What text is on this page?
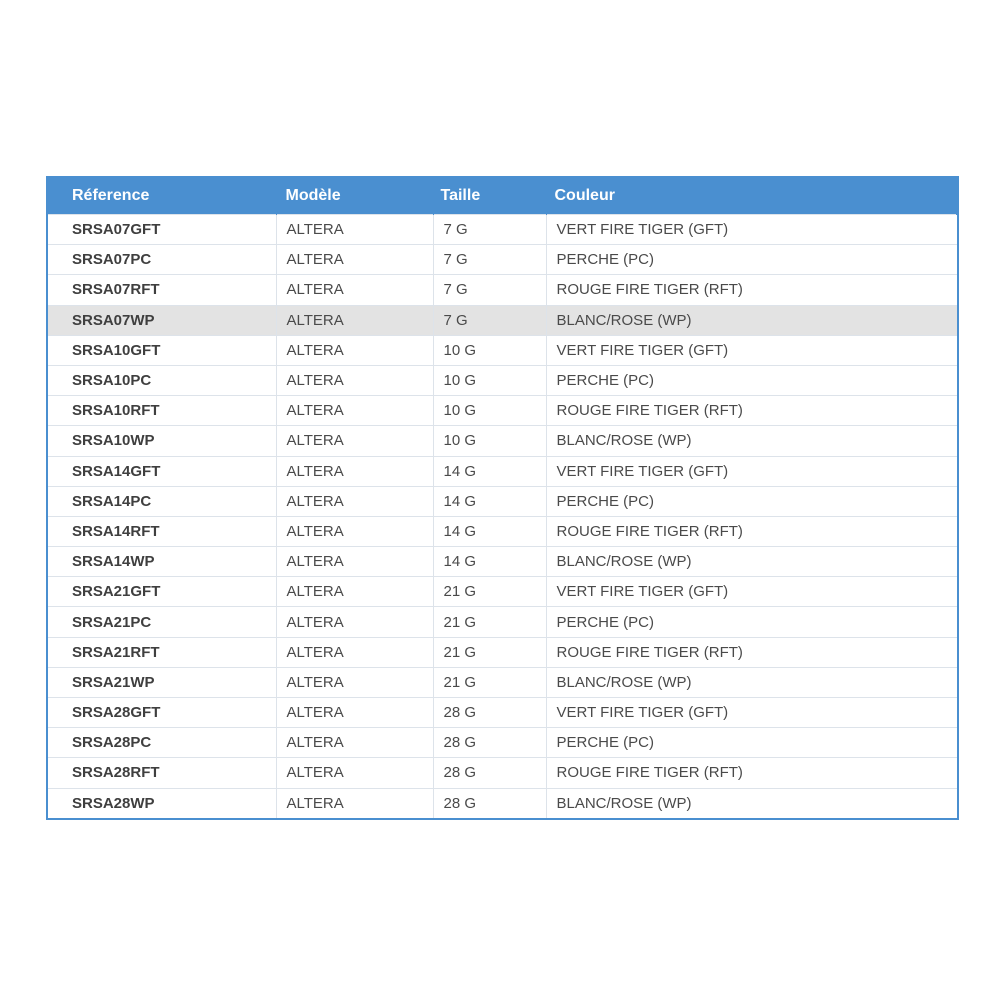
Réference	Modèle	Taille	Couleur
SRSA07GFT	ALTERA	7 G	VERT FIRE TIGER (GFT)
SRSA07PC	ALTERA	7 G	PERCHE (PC)
SRSA07RFT	ALTERA	7 G	ROUGE FIRE TIGER (RFT)
SRSA07WP	ALTERA	7 G	BLANC/ROSE (WP)
SRSA10GFT	ALTERA	10 G	VERT FIRE TIGER (GFT)
SRSA10PC	ALTERA	10 G	PERCHE (PC)
SRSA10RFT	ALTERA	10 G	ROUGE FIRE TIGER (RFT)
SRSA10WP	ALTERA	10 G	BLANC/ROSE (WP)
SRSA14GFT	ALTERA	14 G	VERT FIRE TIGER (GFT)
SRSA14PC	ALTERA	14 G	PERCHE (PC)
SRSA14RFT	ALTERA	14 G	ROUGE FIRE TIGER (RFT)
SRSA14WP	ALTERA	14 G	BLANC/ROSE (WP)
SRSA21GFT	ALTERA	21 G	VERT FIRE TIGER (GFT)
SRSA21PC	ALTERA	21 G	PERCHE (PC)
SRSA21RFT	ALTERA	21 G	ROUGE FIRE TIGER (RFT)
SRSA21WP	ALTERA	21 G	BLANC/ROSE (WP)
SRSA28GFT	ALTERA	28 G	VERT FIRE TIGER (GFT)
SRSA28PC	ALTERA	28 G	PERCHE (PC)
SRSA28RFT	ALTERA	28 G	ROUGE FIRE TIGER (RFT)
SRSA28WP	ALTERA	28 G	BLANC/ROSE (WP)
